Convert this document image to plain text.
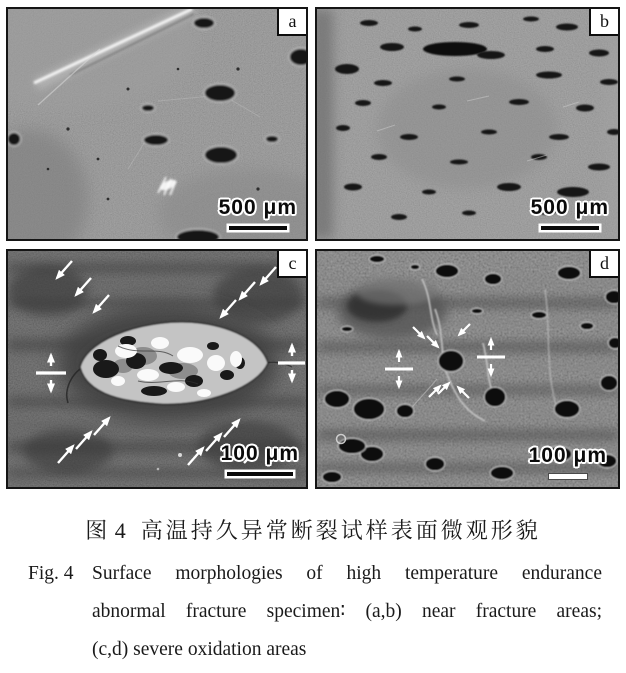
a
500 μm
b
500 μm
c
100 μm
d
100 μm

图 4 高温持久异常断裂试样表面微观形貌

Fig. 4 Surface morphologies of high temperature endurance
abnormal fracture specimen∶ (a,b) near fracture areas;
(c,d) severe oxidation areas
